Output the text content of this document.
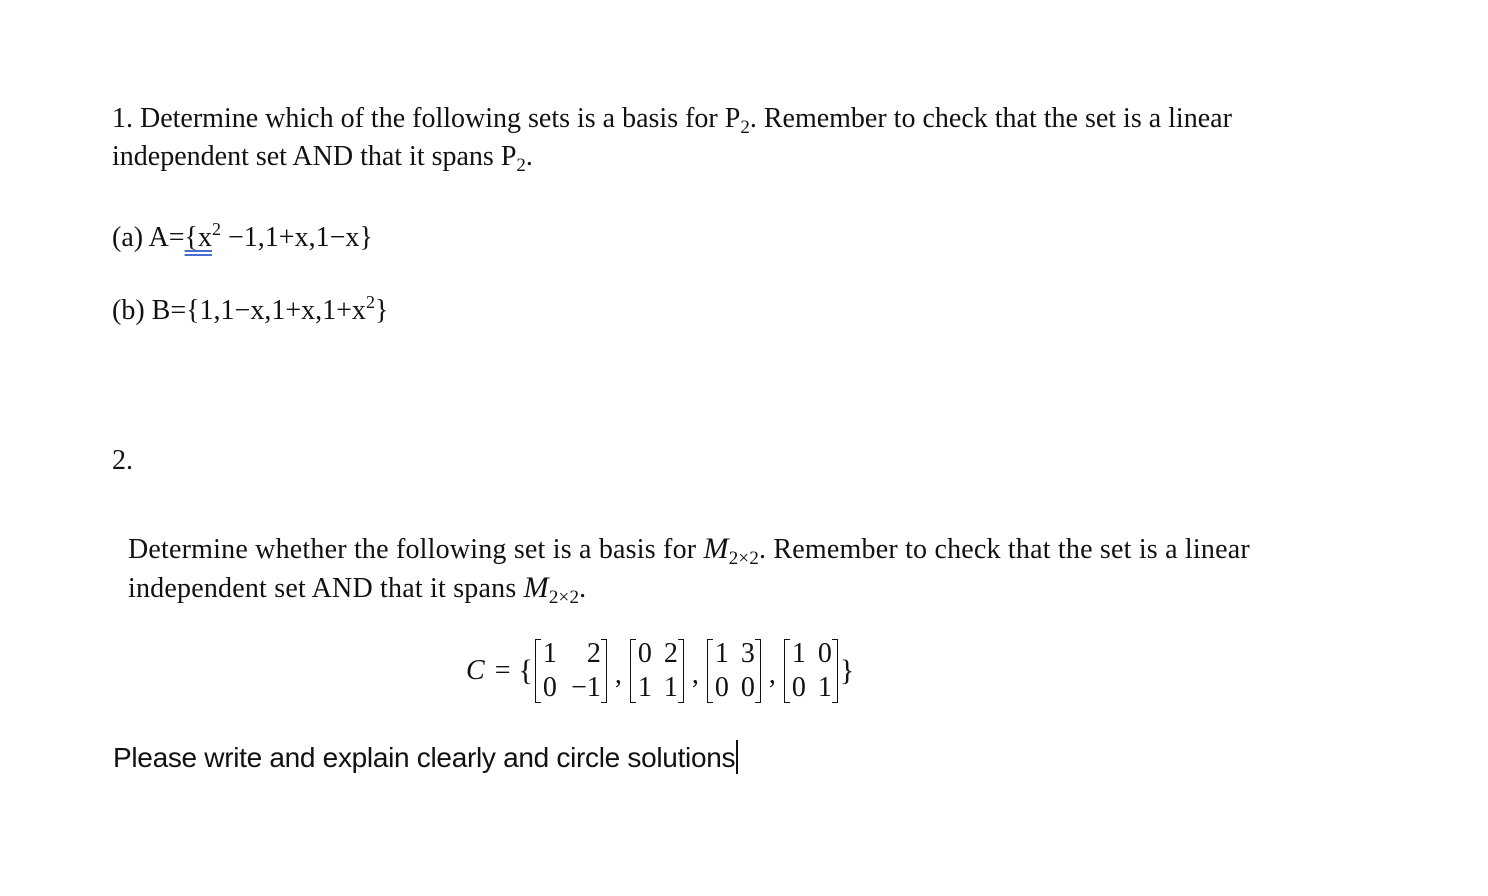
1. Determine which of the following sets is a basis for $P_2$. Remember to check that the set is a linear independent set AND that it spans $P_2$.
(a) $A=\{x^2 -1,1+x,1-x\}$
(b) $B=\{1,1-x,1+x,1+x^2\}$
2.
Determine whether the following set is a basis for $M_{2\times 2}$. Remember to check that the set is a linear independent set AND that it spans $M_{2\times 2}$.
C = {
1	2
0 −1 ,
0 2
1 1 ,
1 3
0 0 ,
1 0
0 1
}
Please write and explain clearly and circle solutions
